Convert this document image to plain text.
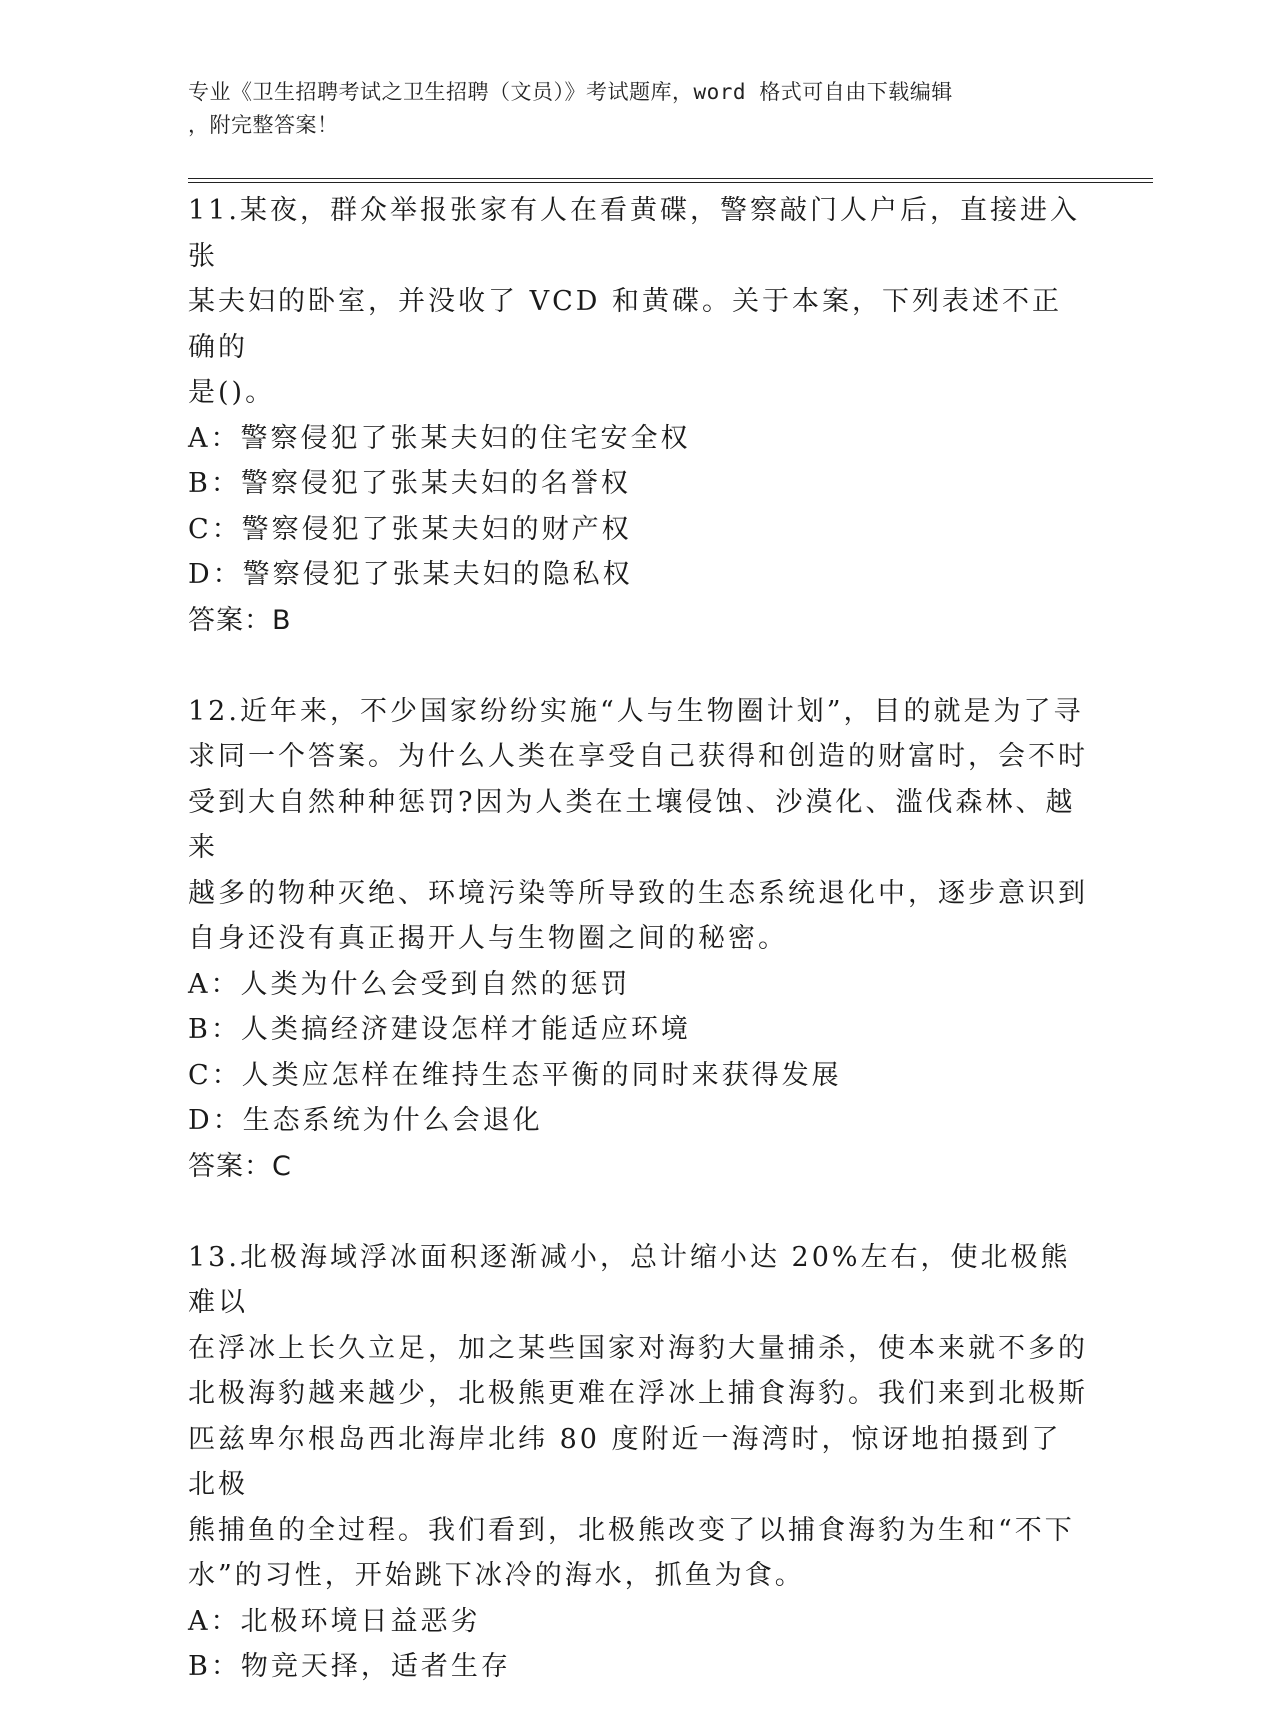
专业《卫生招聘考试之卫生招聘（文员）》考试题库，word 格式可自由下载编辑
，附完整答案！

11.某夜，群众举报张家有人在看黄碟，警察敲门人户后，直接进入张

某夫妇的卧室，并没收了 VCD 和黄碟。关于本案，下列表述不正确的

是()。

A：警察侵犯了张某夫妇的住宅安全权

B：警察侵犯了张某夫妇的名誉权

C：警察侵犯了张某夫妇的财产权

D：警察侵犯了张某夫妇的隐私权

答案：B

12.近年来，不少国家纷纷实施“人与生物圈计划”，目的就是为了寻

求同一个答案。为什么人类在享受自己获得和创造的财富时，会不时

受到大自然种种惩罚?因为人类在土壤侵蚀、沙漠化、滥伐森林、越来

越多的物种灭绝、环境污染等所导致的生态系统退化中，逐步意识到

自身还没有真正揭开人与生物圈之间的秘密。

A：人类为什么会受到自然的惩罚

B：人类搞经济建设怎样才能适应环境

C：人类应怎样在维持生态平衡的同时来获得发展

D：生态系统为什么会退化

答案：C

13.北极海域浮冰面积逐渐减小，总计缩小达 20%左右，使北极熊难以

在浮冰上长久立足，加之某些国家对海豹大量捕杀，使本来就不多的

北极海豹越来越少，北极熊更难在浮冰上捕食海豹。我们来到北极斯

匹兹卑尔根岛西北海岸北纬 80 度附近一海湾时，惊讶地拍摄到了北极

熊捕鱼的全过程。我们看到，北极熊改变了以捕食海豹为生和“不下

水”的习性，开始跳下冰冷的海水，抓鱼为食。

A：北极环境日益恶劣

B：物竞天择，适者生存
